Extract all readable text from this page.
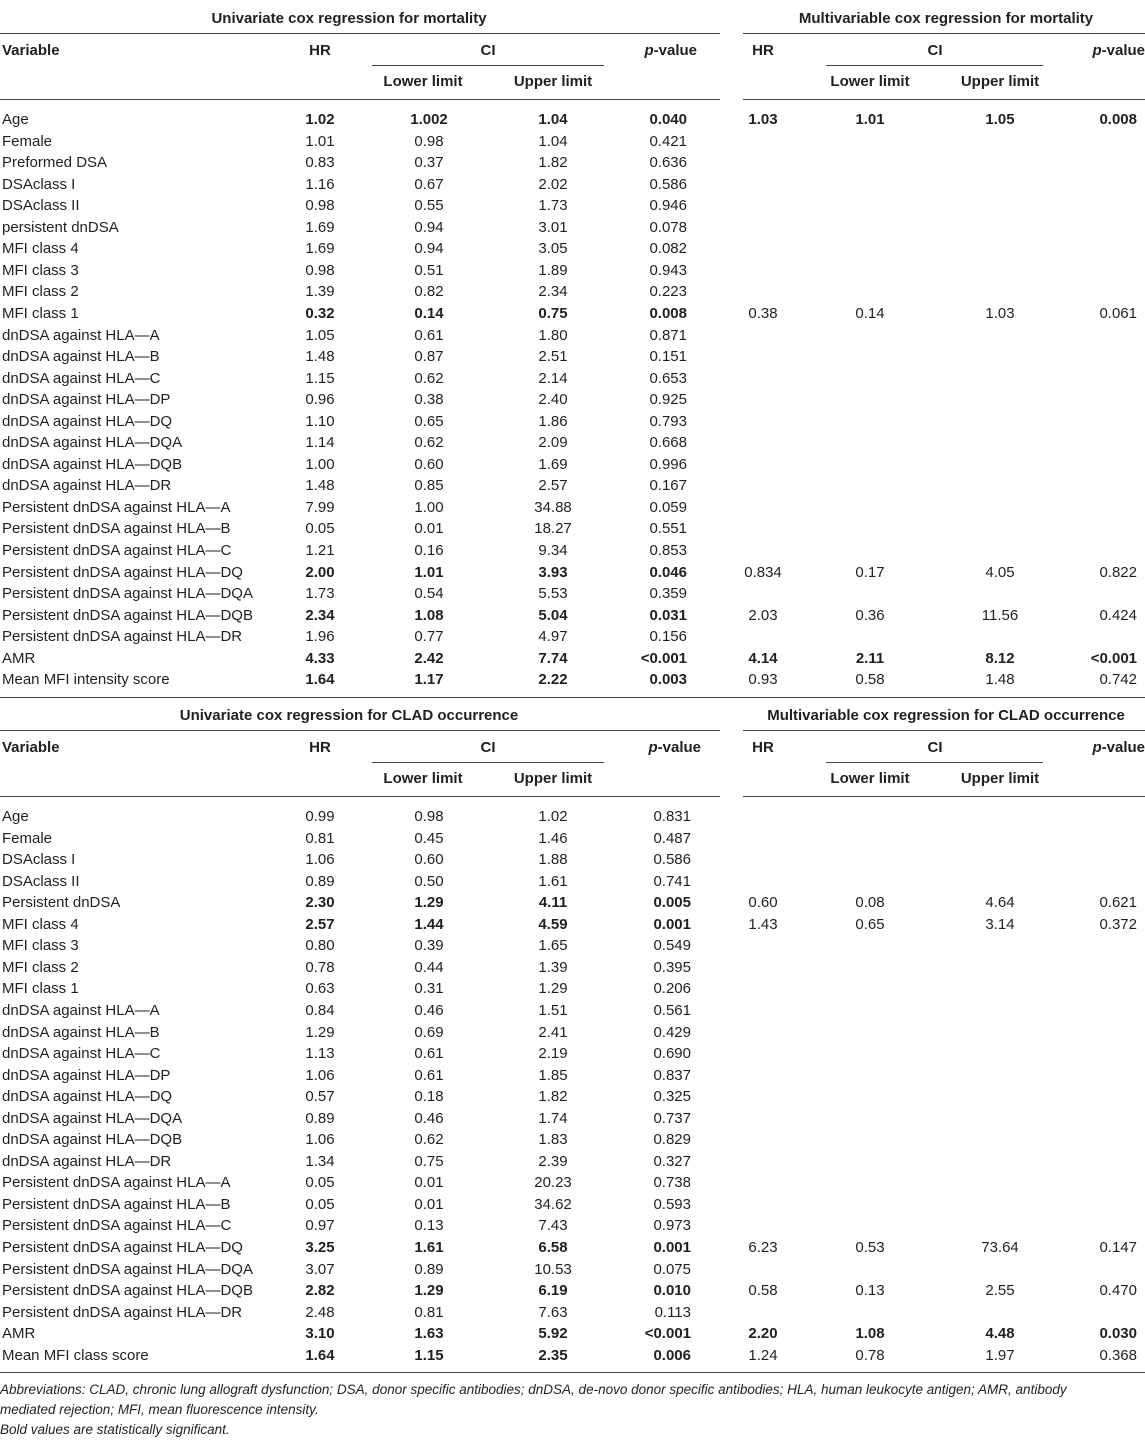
Univariate cox regression for mortality	Multivariable cox regression for mortality
Variable	HR	CI	p-value	HR	CI	p-value
Lower limit	Upper limit	Lower limit	Upper limit
Age	1.02	1.002	1.04	0.040	1.03	1.01	1.05	0.008
Female	1.01	0.98	1.04	0.421
Preformed DSA	0.83	0.37	1.82	0.636
DSAclass I	1.16	0.67	2.02	0.586
DSAclass II	0.98	0.55	1.73	0.946
persistent dnDSA	1.69	0.94	3.01	0.078
MFI class 4	1.69	0.94	3.05	0.082
MFI class 3	0.98	0.51	1.89	0.943
MFI class 2	1.39	0.82	2.34	0.223
MFI class 1	0.32	0.14	0.75	0.008	0.38	0.14	1.03	0.061
dnDSA against HLA—A	1.05	0.61	1.80	0.871
dnDSA against HLA—B	1.48	0.87	2.51	0.151
dnDSA against HLA—C	1.15	0.62	2.14	0.653
dnDSA against HLA—DP	0.96	0.38	2.40	0.925
dnDSA against HLA—DQ	1.10	0.65	1.86	0.793
dnDSA against HLA—DQA	1.14	0.62	2.09	0.668
dnDSA against HLA—DQB	1.00	0.60	1.69	0.996
dnDSA against HLA—DR	1.48	0.85	2.57	0.167
Persistent dnDSA against HLA—A	7.99	1.00	34.88	0.059
Persistent dnDSA against HLA—B	0.05	0.01	18.27	0.551
Persistent dnDSA against HLA—C	1.21	0.16	9.34	0.853
Persistent dnDSA against HLA—DQ	2.00	1.01	3.93	0.046	0.834	0.17	4.05	0.822
Persistent dnDSA against HLA—DQA	1.73	0.54	5.53	0.359
Persistent dnDSA against HLA—DQB	2.34	1.08	5.04	0.031	2.03	0.36	11.56	0.424
Persistent dnDSA against HLA—DR	1.96	0.77	4.97	0.156
AMR	4.33	2.42	7.74	<0.001	4.14	2.11	8.12	<0.001
Mean MFI intensity score	1.64	1.17	2.22	0.003	0.93	0.58	1.48	0.742
Univariate cox regression for CLAD occurrence	Multivariable cox regression for CLAD occurrence
Variable	HR	CI	p-value	HR	CI	p-value
Lower limit	Upper limit	Lower limit	Upper limit
Age	0.99	0.98	1.02	0.831
Female	0.81	0.45	1.46	0.487
DSAclass I	1.06	0.60	1.88	0.586
DSAclass II	0.89	0.50	1.61	0.741
Persistent dnDSA	2.30	1.29	4.11	0.005	0.60	0.08	4.64	0.621
MFI class 4	2.57	1.44	4.59	0.001	1.43	0.65	3.14	0.372
MFI class 3	0.80	0.39	1.65	0.549
MFI class 2	0.78	0.44	1.39	0.395
MFI class 1	0.63	0.31	1.29	0.206
dnDSA against HLA—A	0.84	0.46	1.51	0.561
dnDSA against HLA—B	1.29	0.69	2.41	0.429
dnDSA against HLA—C	1.13	0.61	2.19	0.690
dnDSA against HLA—DP	1.06	0.61	1.85	0.837
dnDSA against HLA—DQ	0.57	0.18	1.82	0.325
dnDSA against HLA—DQA	0.89	0.46	1.74	0.737
dnDSA against HLA—DQB	1.06	0.62	1.83	0.829
dnDSA against HLA—DR	1.34	0.75	2.39	0.327
Persistent dnDSA against HLA—A	0.05	0.01	20.23	0.738
Persistent dnDSA against HLA—B	0.05	0.01	34.62	0.593
Persistent dnDSA against HLA—C	0.97	0.13	7.43	0.973
Persistent dnDSA against HLA—DQ	3.25	1.61	6.58	0.001	6.23	0.53	73.64	0.147
Persistent dnDSA against HLA—DQA	3.07	0.89	10.53	0.075
Persistent dnDSA against HLA—DQB	2.82	1.29	6.19	0.010	0.58	0.13	2.55	0.470
Persistent dnDSA against HLA—DR	2.48	0.81	7.63	0.113
AMR	3.10	1.63	5.92	<0.001	2.20	1.08	4.48	0.030
Mean MFI class score	1.64	1.15	2.35	0.006	1.24	0.78	1.97	0.368
Abbreviations: CLAD, chronic lung allograft dysfunction; DSA, donor specific antibodies; dnDSA, de-novo donor specific antibodies; HLA, human leukocyte antigen; AMR, antibody
mediated rejection; MFI, mean fluorescence intensity.
Bold values are statistically significant.
